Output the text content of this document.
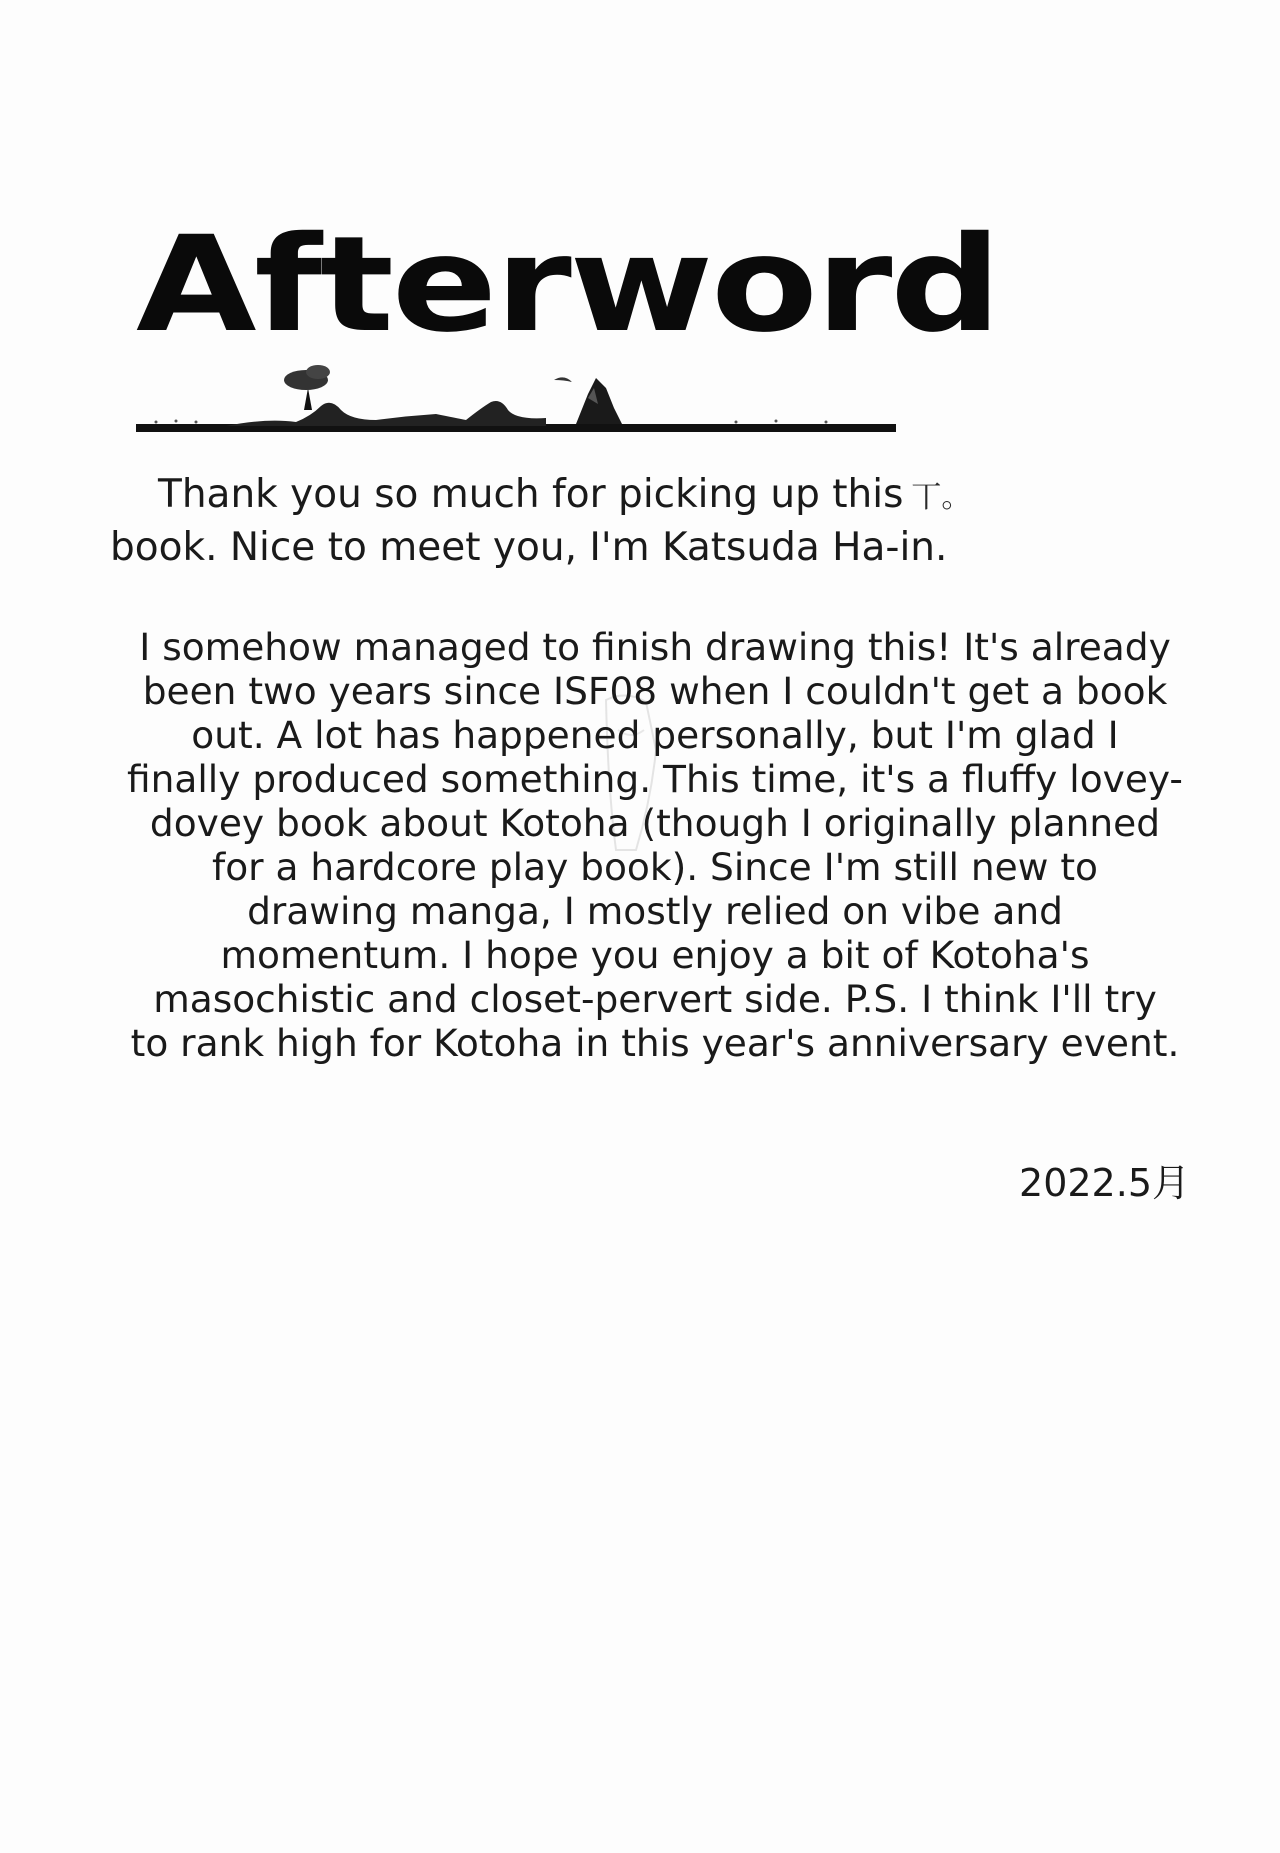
Afterword

Thank you so much for picking up this 丅。
book. Nice to meet you, I'm Katsuda Ha-in.

I somehow managed to finish drawing this! It's already
been two years since ISF08 when I couldn't get a book
out. A lot has happened personally, but I'm glad I
finally produced something. This time, it's a fluffy lovey-
dovey book about Kotoha (though I originally planned
for a hardcore play book). Since I'm still new to
drawing manga, I mostly relied on vibe and
momentum. I hope you enjoy a bit of Kotoha's
masochistic and closet-pervert side. P.S. I think I'll try
to rank high for Kotoha in this year's anniversary event.

2022.5月
